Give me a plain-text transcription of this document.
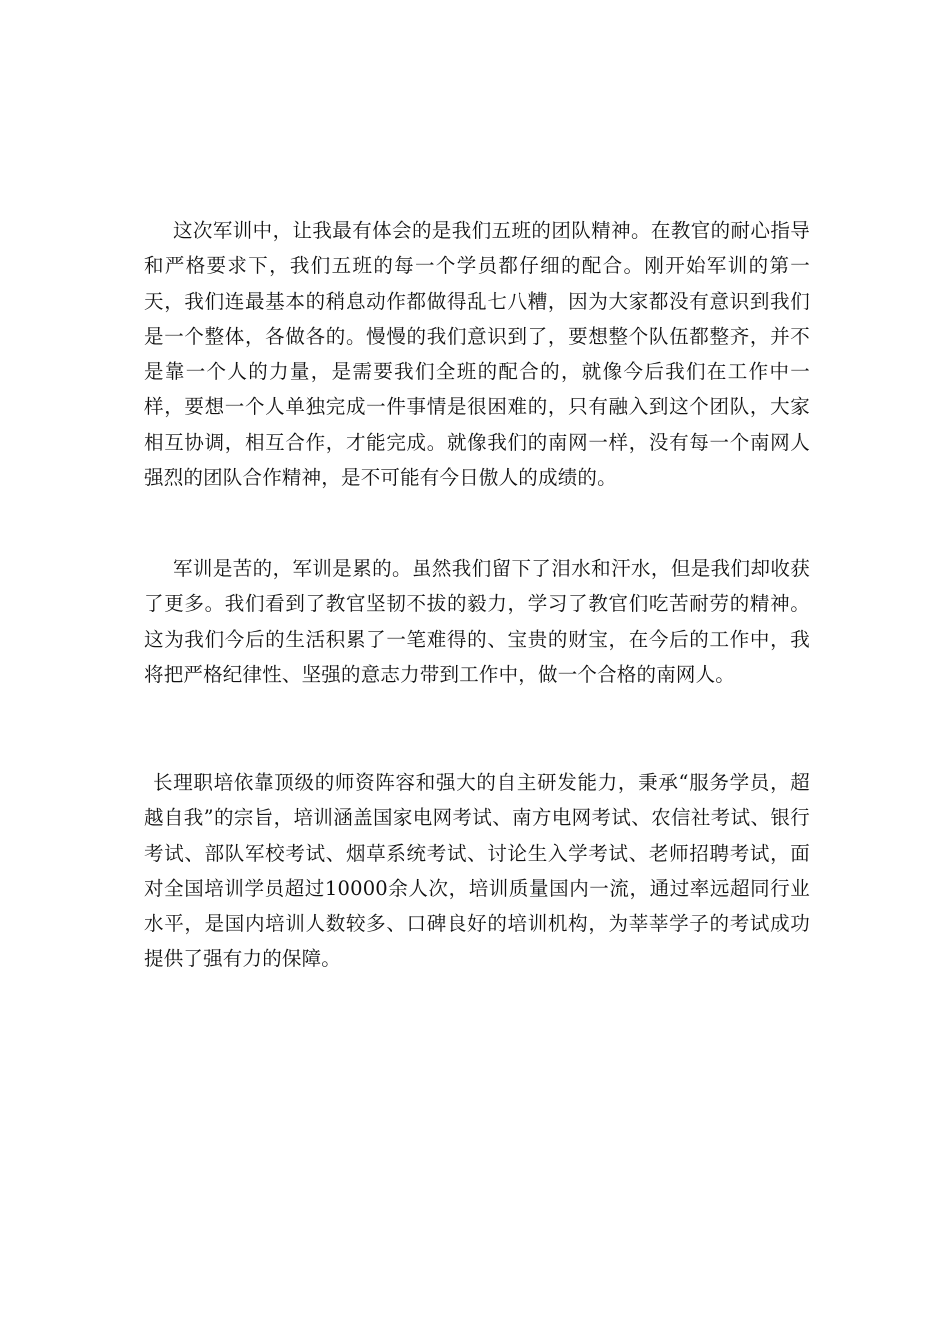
这次军训中，让我最有体会的是我们五班的团队精神。在教官的耐心指导和严格要求下，我们五班的每一个学员都仔细的配合。刚开始军训的第一天，我们连最基本的稍息动作都做得乱七八糟，因为大家都没有意识到我们是一个整体，各做各的。慢慢的我们意识到了，要想整个队伍都整齐，并不是靠一个人的力量，是需要我们全班的配合的，就像今后我们在工作中一样，要想一个人单独完成一件事情是很困难的，只有融入到这个团队，大家相互协调，相互合作，才能完成。就像我们的南网一样，没有每一个南网人强烈的团队合作精神，是不可能有今日傲人的成绩的。

军训是苦的，军训是累的。虽然我们留下了泪水和汗水，但是我们却收获了更多。我们看到了教官坚韧不拔的毅力，学习了教官们吃苦耐劳的精神。这为我们今后的生活积累了一笔难得的、宝贵的财宝，在今后的工作中，我将把严格纪律性、坚强的意志力带到工作中，做一个合格的南网人。

长理职培依靠顶级的师资阵容和强大的自主研发能力，秉承“服务学员，超越自我”的宗旨，培训涵盖国家电网考试、南方电网考试、农信社考试、银行考试、部队军校考试、烟草系统考试、讨论生入学考试、老师招聘考试，面对全国培训学员超过10000余人次，培训质量国内一流，通过率远超同行业水平，是国内培训人数较多、口碑良好的培训机构，为莘莘学子的考试成功提供了强有力的保障。
